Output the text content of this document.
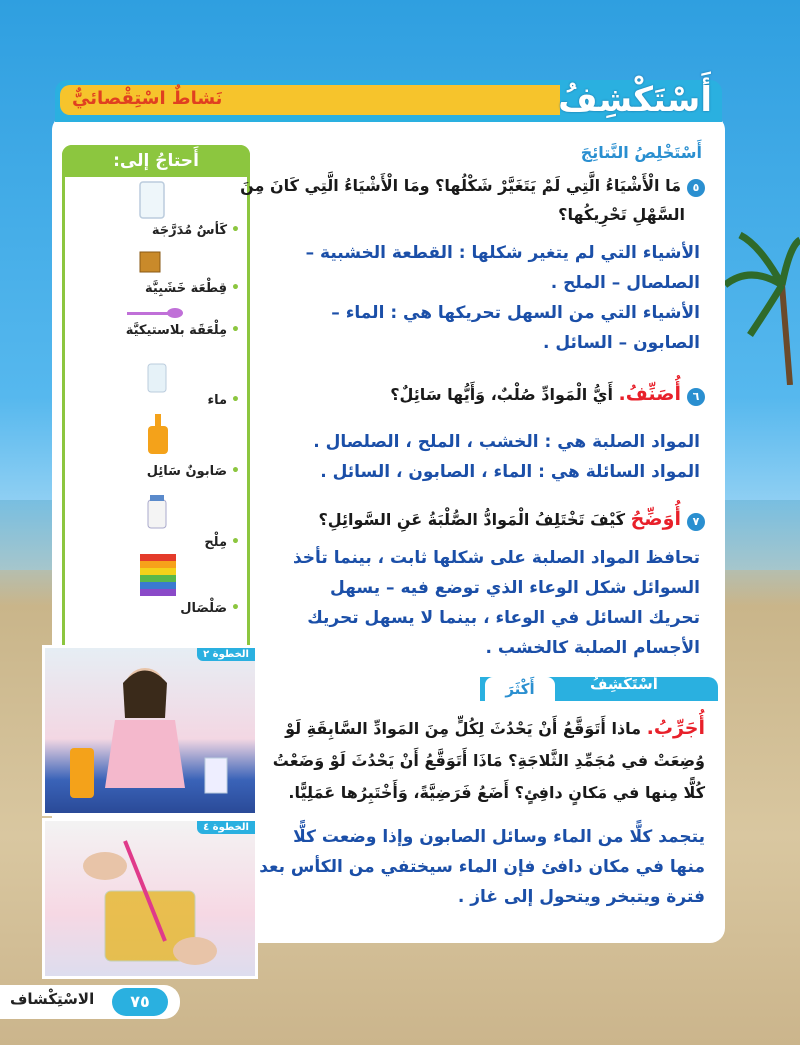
نَشاطٌ اسْتِقْصائيٌّ	أَسْتَكْشِفُ
أَحتاجُ إلى:
•كَأسٌ مُدَرَّجَة
•قِطْعَة خَشَبِيَّة
•مِلْعَقَة بلاستيكيَّة
•ماء
•صَابونٌ سَائِل
•مِلْح
•صَلْصَال
أَسْتَخْلِصُ النَّتائِجَ
٥مَا الْأَشْيَاءُ الَّتِي لَمْ يَتَغَيَّرْ شَكْلُها؟ ومَا الْأَشْيَاءُ الَّتِي كَانَ مِنَ
السَّهْلِ تَحْرِيكُها؟
الأشياء التي لم يتغير شكلها : القطعة الخشبية –
الصلصال – الملح .
الأشياء التي من السهل تحريكها هي : الماء –
الصابون – السائل .
٦أُصَنِّفُ. أَيُّ الْمَوادِّ صُلْبٌ، وَأَيُّها سَائِلٌ؟
المواد الصلبة هي : الخشب ، الملح ، الصلصال .
المواد السائلة هي : الماء ، الصابون ، السائل .
٧أُوَضِّحُ كَيْفَ تَخْتَلِفُ الْمَوادُّ الصُّلْبَةُ عَنِ السَّوائِلِ؟
تحافظ المواد الصلبة على شكلها ثابت ، بينما تأخذ
السوائل شكل الوعاء الذي توضع فيه – يسهل
تحريك السائل في الوعاء ، بينما لا يسهل تحريك
الأجسام الصلبة كالخشب .
أَكْثَرَ	أَسْتَكْشِفُ
أُجَرِّبُ. ماذا أَتَوَقَّعُ أَنْ يَحْدُثَ لِكُلٍّ مِنَ المَوادِّ السَّابِقَةِ لَوْ
وُضِعَتْ في مُجَمِّدِ الثَّلاجَةِ؟ مَاذَا أَتَوَقَّعُ أَنْ يَحْدُثَ لَوْ وَضَعْتُ
كُلًّا مِنها في مَكانٍ دافِئٍ؟ أَضَعُ فَرَضِيَّةً، وَأَخْتَبِرُها عَمَلِيًّا.
يتجمد كلًّا من الماء وسائل الصابون وإذا وضعت كلًّا
منها في مكان دافئ فإن الماء سيختفي من الكأس بعد
فترة ويتبخر ويتحول إلى غاز .
الخطوة ٢
الخطوة ٤
٧٥
الاسْتِكْشاف
